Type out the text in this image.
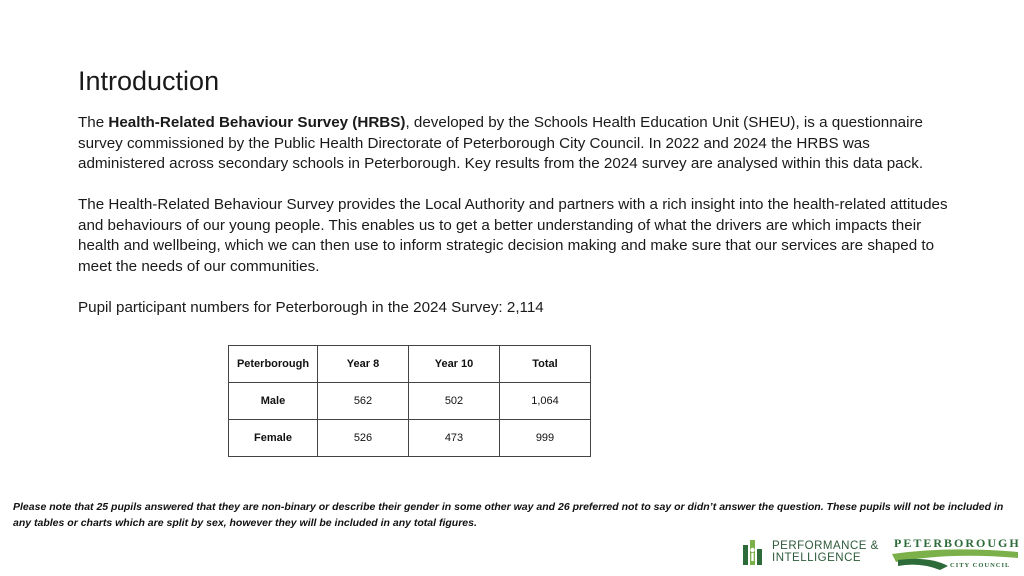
Introduction
The Health-Related Behaviour Survey (HRBS), developed by the Schools Health Education Unit (SHEU), is a questionnaire survey commissioned by the Public Health Directorate of Peterborough City Council. In 2022 and 2024 the HRBS was administered across secondary schools in Peterborough. Key results from the 2024 survey are analysed within this data pack.
The Health-Related Behaviour Survey provides the Local Authority and partners with a rich insight into the health-related attitudes and behaviours of our young people. This enables us to get a better understanding of what the drivers are which impacts their health and wellbeing, which we can then use to inform strategic decision making and make sure that our services are shaped to meet the needs of our communities.
Pupil participant numbers for Peterborough in the 2024 Survey: 2,114
Peterborough	Year 8	Year 10	Total
Male	562	502	1,064
Female	526	473	999
Please note that 25 pupils answered that they are non-binary or describe their gender in some other way and 26 preferred not to say or didn’t answer the question. These pupils will not be included in any tables or charts which are split by sex, however they will be included in any total figures.
PERFORMANCE &
INTELLIGENCE
PETERBOROUGH
CITY COUNCIL
